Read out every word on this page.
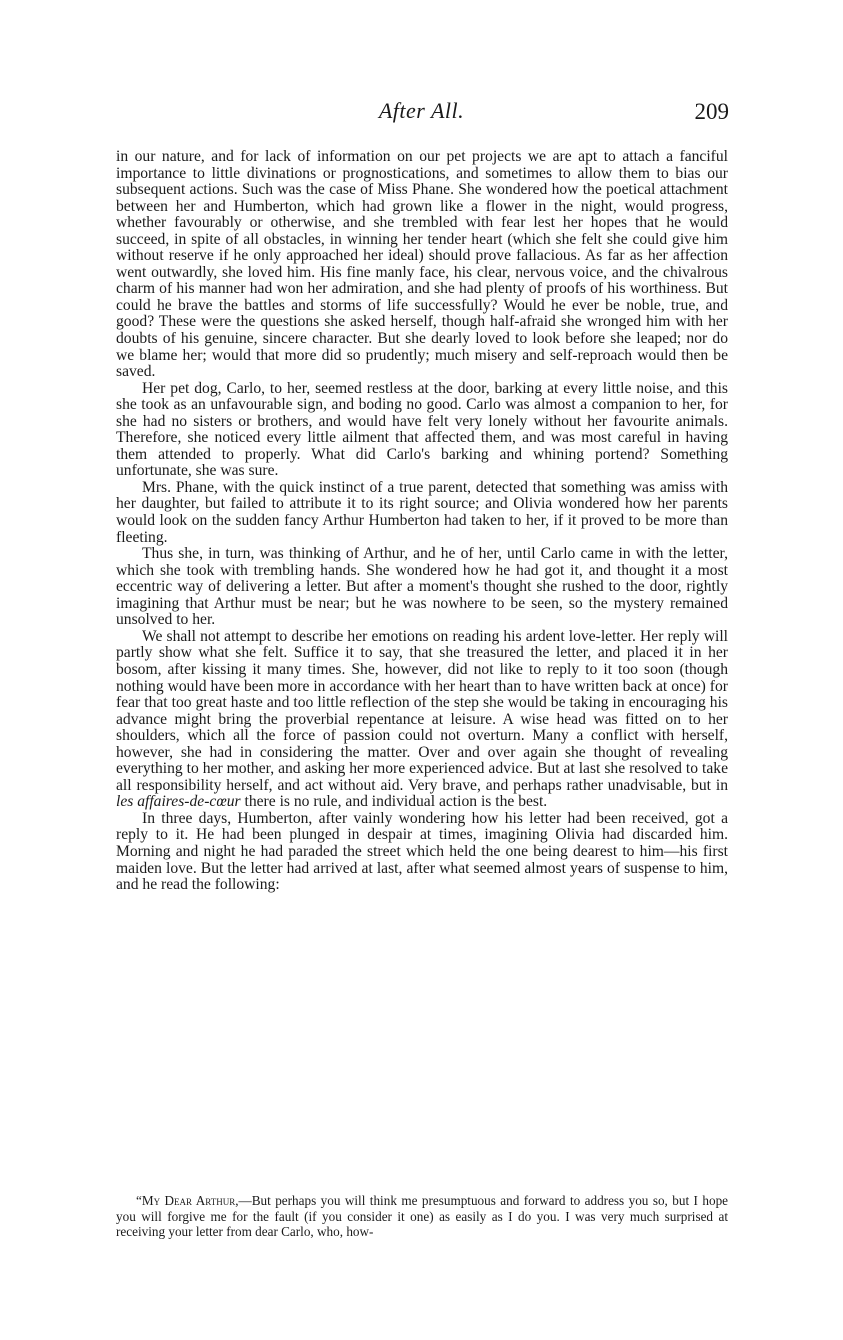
After All.	209

in our nature, and for lack of information on our pet projects we are apt to attach a fanciful importance to little divinations or prognostications, and sometimes to allow them to bias our subsequent actions. Such was the case of Miss Phane. She wondered how the poetical attachment between her and Humberton, which had grown like a flower in the night, would progress, whether favourably or otherwise, and she trembled with fear lest her hopes that he would succeed, in spite of all obstacles, in winning her tender heart (which she felt she could give him without reserve if he only approached her ideal) should prove fallacious. As far as her affection went outwardly, she loved him. His fine manly face, his clear, nervous voice, and the chivalrous charm of his manner had won her admiration, and she had plenty of proofs of his worthiness. But could he brave the battles and storms of life successfully? Would he ever be noble, true, and good? These were the questions she asked herself, though half-afraid she wronged him with her doubts of his genuine, sincere character. But she dearly loved to look before she leaped; nor do we blame her; would that more did so prudently; much misery and self-reproach would then be saved.

Her pet dog, Carlo, to her, seemed restless at the door, barking at every little noise, and this she took as an unfavourable sign, and boding no good. Carlo was almost a companion to her, for she had no sisters or brothers, and would have felt very lonely without her favourite animals. Therefore, she noticed every little ailment that affected them, and was most careful in having them attended to properly. What did Carlo's barking and whining portend? Something unfortunate, she was sure.

Mrs. Phane, with the quick instinct of a true parent, detected that something was amiss with her daughter, but failed to attribute it to its right source; and Olivia wondered how her parents would look on the sudden fancy Arthur Humberton had taken to her, if it proved to be more than fleeting.

Thus she, in turn, was thinking of Arthur, and he of her, until Carlo came in with the letter, which she took with trembling hands. She wondered how he had got it, and thought it a most eccentric way of delivering a letter. But after a moment's thought she rushed to the door, rightly imagining that Arthur must be near; but he was nowhere to be seen, so the mystery remained unsolved to her.

We shall not attempt to describe her emotions on reading his ardent love-letter. Her reply will partly show what she felt. Suffice it to say, that she treasured the letter, and placed it in her bosom, after kissing it many times. She, however, did not like to reply to it too soon (though nothing would have been more in accordance with her heart than to have written back at once) for fear that too great haste and too little reflection of the step she would be taking in encouraging his advance might bring the proverbial repentance at leisure. A wise head was fitted on to her shoulders, which all the force of passion could not overturn. Many a conflict with herself, however, she had in considering the matter. Over and over again she thought of revealing everything to her mother, and asking her more experienced advice. But at last she resolved to take all responsibility herself, and act without aid. Very brave, and perhaps rather unadvisable, but in les affaires-de-cœur there is no rule, and individual action is the best.

In three days, Humberton, after vainly wondering how his letter had been received, got a reply to it. He had been plunged in despair at times, imagining Olivia had discarded him. Morning and night he had paraded the street which held the one being dearest to him—his first maiden love. But the letter had arrived at last, after what seemed almost years of suspense to him, and he read the following:

“My Dear Arthur,—But perhaps you will think me presumptuous and forward to address you so, but I hope you will forgive me for the fault (if you consider it one) as easily as I do you. I was very much surprised at receiving your letter from dear Carlo, who, how-
